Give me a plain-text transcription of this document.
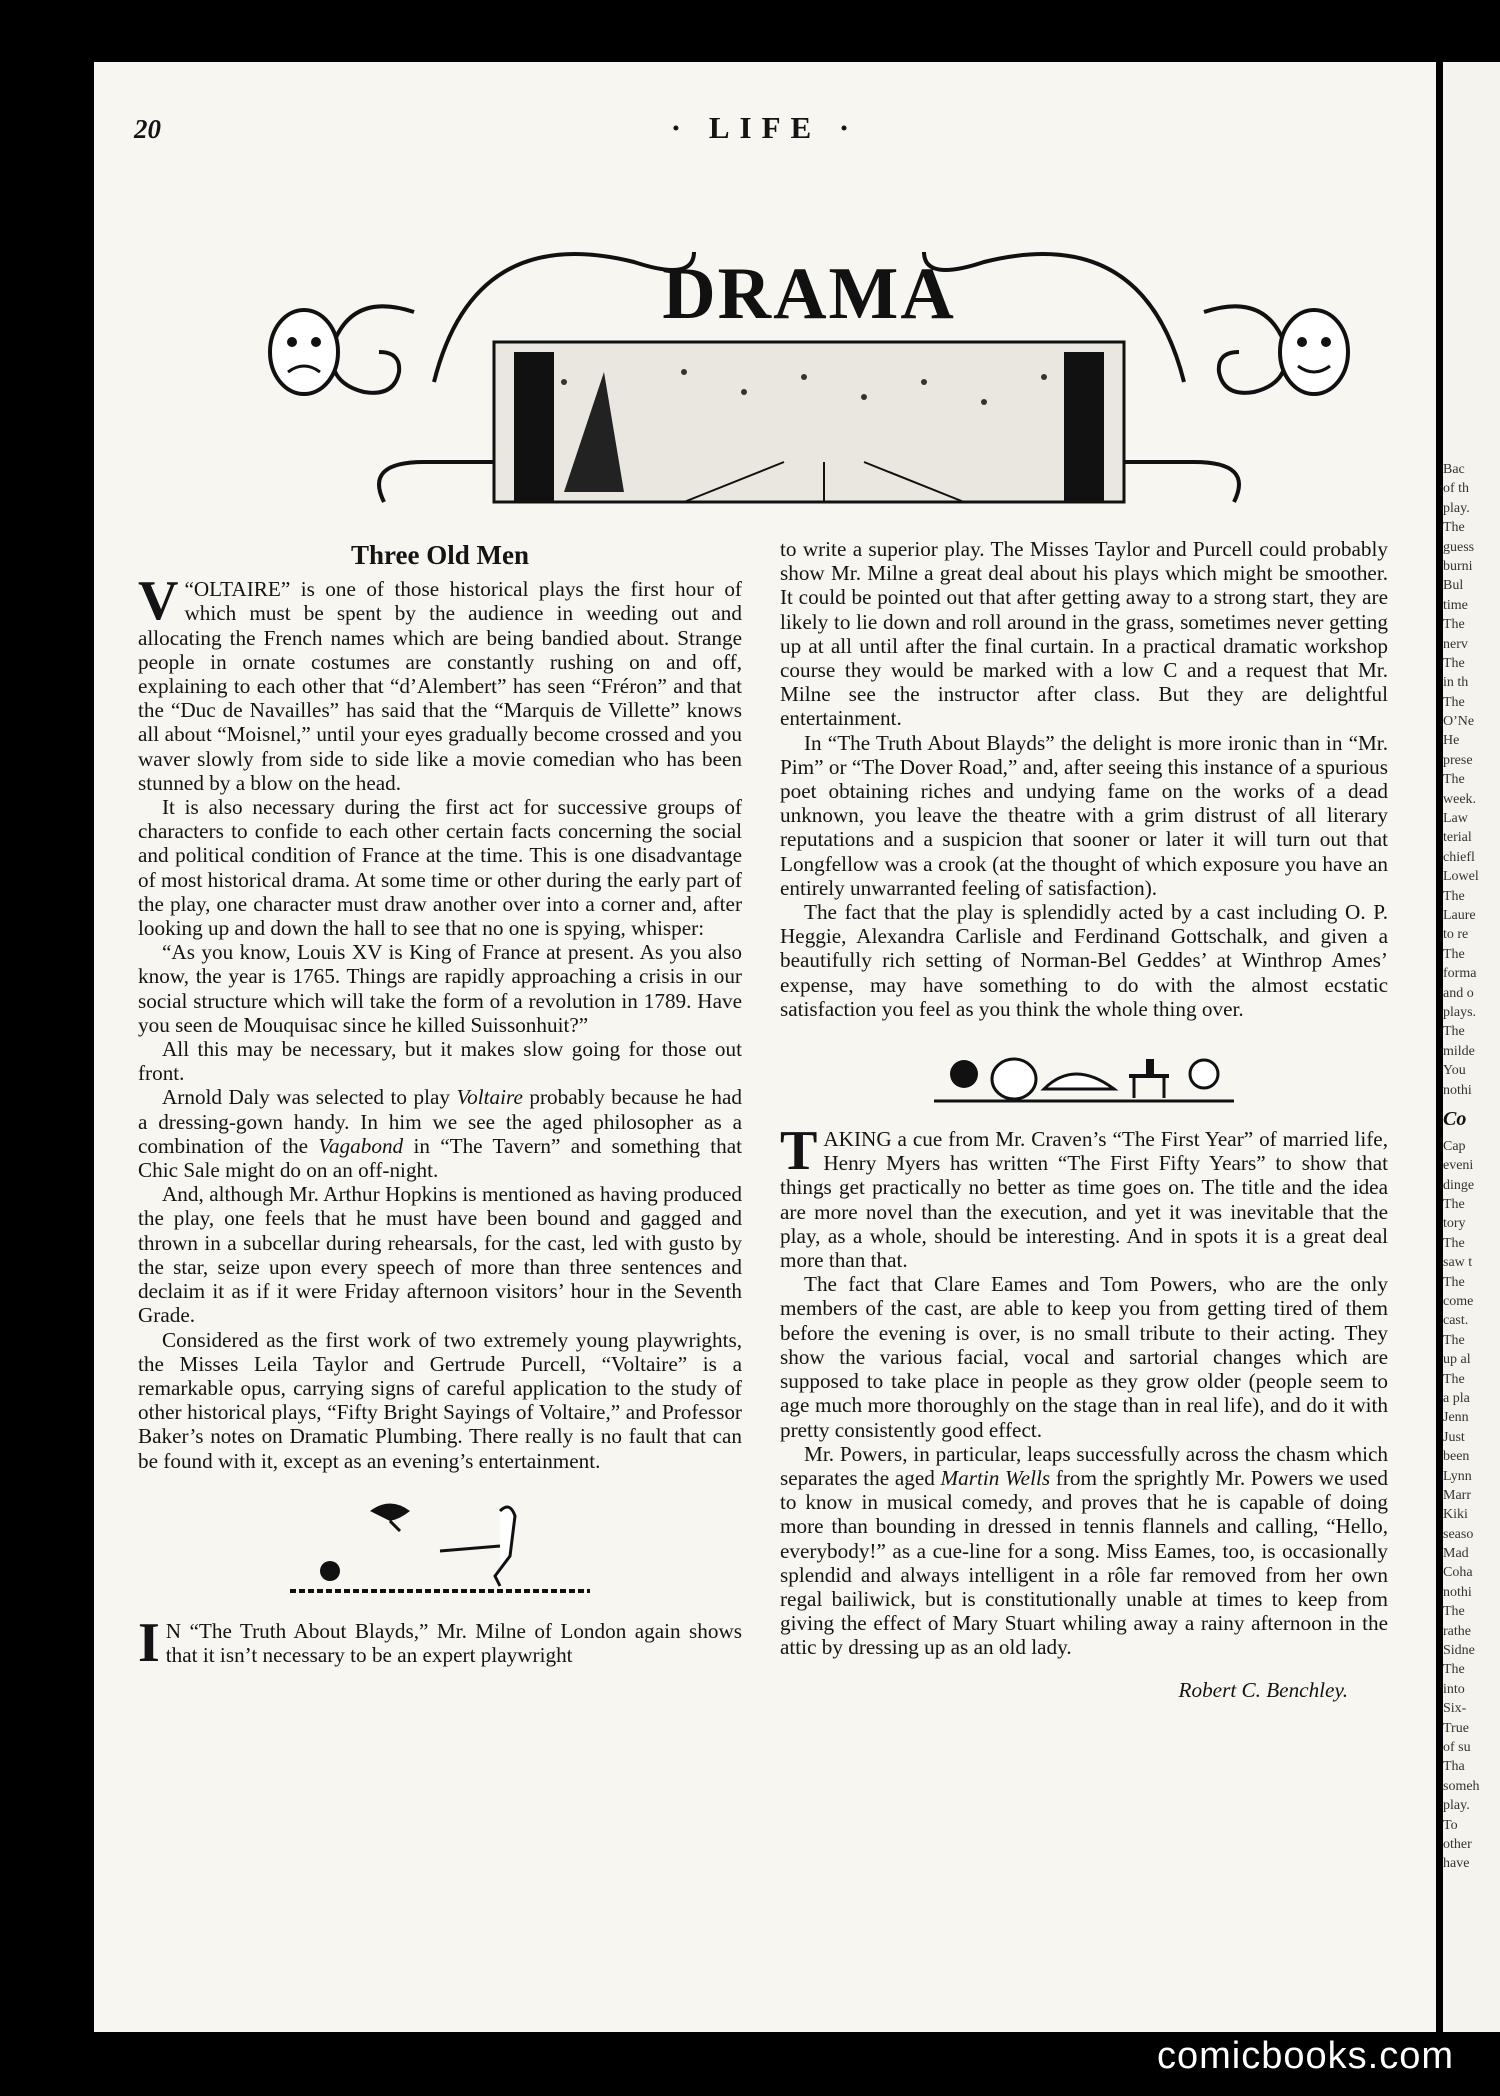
20	· LIFE ·
DRAMA
Three Old Men

“
V OLTAIRE” is one of those historical plays the first hour of which must be spent by the audience in weeding out and allocating the French names which are being bandied about. Strange people in ornate costumes are constantly rushing on and off, explaining to each other that “d’Alembert” has seen “Fréron” and that the “Duc de Navailles” has said that the “Marquis de Villette” knows all about “Moisnel,” until your eyes gradually become crossed and you waver slowly from side to side like a movie comedian who has been stunned by a blow on the head.

It is also necessary during the first act for successive groups of characters to confide to each other certain facts concerning the social and political condition of France at the time. This is one disadvantage of most historical drama. At some time or other during the early part of the play, one character must draw another over into a corner and, after looking up and down the hall to see that no one is spying, whisper:

“As you know, Louis XV is King of France at present. As you also know, the year is 1765. Things are rapidly approaching a crisis in our social structure which will take the form of a revolution in 1789. Have you seen de Mouquisac since he killed Suissonhuit?”

All this may be necessary, but it makes slow going for those out front.

Arnold Daly was selected to play Voltaire probably because he had a dressing-gown handy. In him we see the aged philosopher as a combination of the Vagabond in “The Tavern” and something that Chic Sale might do on an off-night.

And, although Mr. Arthur Hopkins is mentioned as having produced the play, one feels that he must have been bound and gagged and thrown in a subcellar during rehearsals, for the cast, led with gusto by the star, seize upon every speech of more than three sentences and declaim it as if it were Friday afternoon visitors’ hour in the Seventh Grade.

Considered as the first work of two extremely young playwrights, the Misses Leila Taylor and Gertrude Purcell, “Voltaire” is a remarkable opus, carrying signs of careful application to the study of other historical plays, “Fifty Bright Sayings of Voltaire,” and Professor Baker’s notes on Dramatic Plumbing. There really is no fault that can be found with it, except as an evening’s entertainment.

I N “The Truth About Blayds,” Mr. Milne of London again shows that it isn’t necessary to be an expert playwright

to write a superior play. The Misses Taylor and Purcell could probably show Mr. Milne a great deal about his plays which might be smoother. It could be pointed out that after getting away to a strong start, they are likely to lie down and roll around in the grass, sometimes never getting up at all until after the final curtain. In a practical dramatic workshop course they would be marked with a low C and a request that Mr. Milne see the instructor after class. But they are delightful entertainment.

In “The Truth About Blayds” the delight is more ironic than in “Mr. Pim” or “The Dover Road,” and, after seeing this instance of a spurious poet obtaining riches and undying fame on the works of a dead unknown, you leave the theatre with a grim distrust of all literary reputations and a suspicion that sooner or later it will turn out that Longfellow was a crook (at the thought of which exposure you have an entirely unwarranted feeling of satisfaction).

The fact that the play is splendidly acted by a cast including O. P. Heggie, Alexandra Carlisle and Ferdinand Gottschalk, and given a beautifully rich setting of Norman-Bel Geddes’ at Winthrop Ames’ expense, may have something to do with the almost ecstatic satisfaction you feel as you think the whole thing over.

TAKING a cue from Mr. Craven’s “The First Year” of married life, Henry Myers has written “The First Fifty Years” to show that things get practically no better as time goes on. The title and the idea are more novel than the execution, and yet it was inevitable that the play, as a whole, should be interesting. And in spots it is a great deal more than that.

The fact that Clare Eames and Tom Powers, who are the only members of the cast, are able to keep you from getting tired of them before the evening is over, is no small tribute to their acting. They show the various facial, vocal and sartorial changes which are supposed to take place in people as they grow older (people seem to age much more thoroughly on the stage than in real life), and do it with pretty consistently good effect.

Mr. Powers, in particular, leaps successfully across the chasm which separates the aged Martin Wells from the sprightly Mr. Powers we used to know in musical comedy, and proves that he is capable of doing more than bounding in dressed in tennis flannels and calling, “Hello, everybody!” as a cue-line for a song. Miss Eames, too, is occasionally splendid and always intelligent in a rôle far removed from her own regal bailiwick, but is constitutionally unable at times to keep from giving the effect of Mary Stuart whiling away a rainy afternoon in the attic by dressing up as an old lady.

Robert C. Benchley.
Bac
of th
play.
The
guess
burni
Bul
time
The
nerv
The
in th
The
O’Ne
He
prese
The
week.
Law
terial
chiefl
Lowel
The
Laure
to re
The
forma
and o
plays.
The
milde
You
nothi
Co
Cap
eveni
dinge
The
tory
The
saw t
The
come
cast.
The
up al
The
a pla
Jenn
Just
been
Lynn
Marr
Kiki
seaso
Mad
Coha
nothi
The
rathe
Sidne
The
into
Six-
True
of su
Tha
someh
play.
To
other
have
comicbooks.com
